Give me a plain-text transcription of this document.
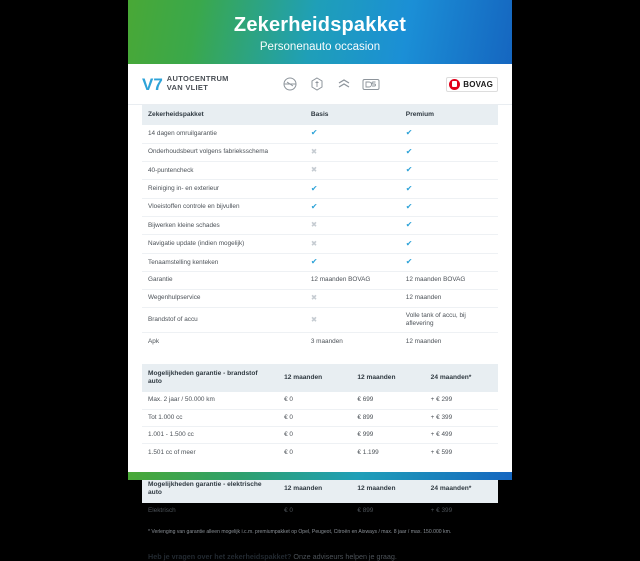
Zekerheidspakket
Personenauto occasion
V7 AUTOCENTRUM
VAN VLIET	BOVAG
Zekerheidspakket	Basis	Premium
14 dagen omruilgarantie	✔	✔
Onderhoudsbeurt volgens fabrieksschema	✖	✔
40-puntencheck	✖	✔
Reiniging in- en exterieur	✔	✔
Vloeistoffen controle en bijvullen	✔	✔
Bijwerken kleine schades	✖	✔
Navigatie update (indien mogelijk)	✖	✔
Tenaamstelling kenteken	✔	✔
Garantie	12 maanden BOVAG	12 maanden BOVAG
Wegenhulpservice	✖	12 maanden
Brandstof of accu	✖	Volle tank of accu, bij aflevering
Apk	3 maanden	12 maanden
Mogelijkheden garantie - brandstof auto	12 maanden	12 maanden	24 maanden*
Max. 2 jaar / 50.000 km	€ 0	€ 699	+ € 299
Tot 1.000 cc	€ 0	€ 899	+ € 399
1.001 - 1.500 cc	€ 0	€ 999	+ € 499
1.501 cc of meer	€ 0	€ 1.199	+ € 599
Mogelijkheden garantie - elektrische auto	12 maanden	12 maanden	24 maanden*
Elektrisch	€ 0	€ 899	+ € 399
* Verlenging van garantie alleen mogelijk i.c.m. premiumpakket op Opel, Peugeot, Citroën en Aixways / max. 8 jaar / max. 150.000 km.
Heb je vragen over het zekerheidspakket? Onze adviseurs helpen je graag.
